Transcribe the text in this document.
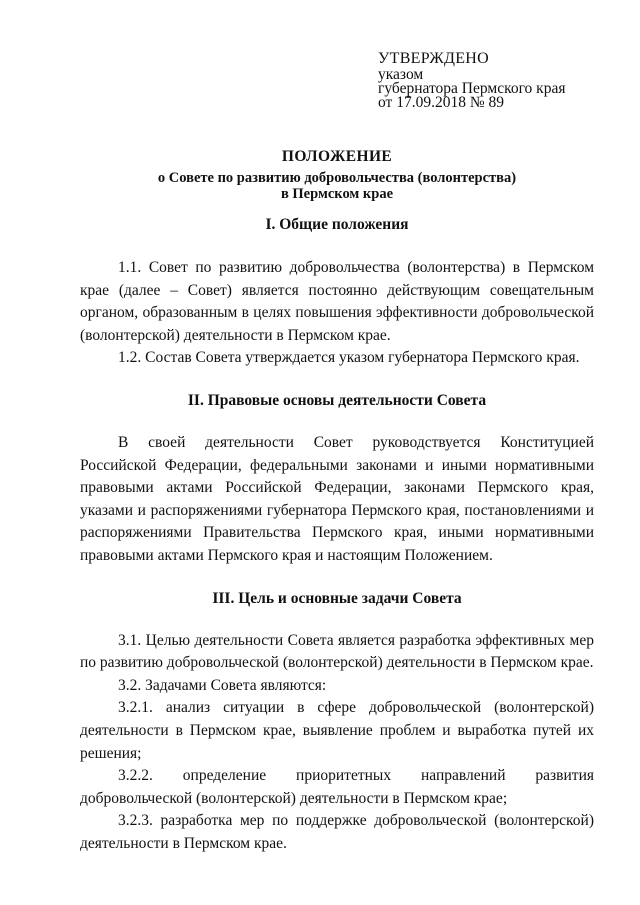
УТВЕРЖДЕНО
указом
губернатора Пермского края
от 17.09.2018 № 89
ПОЛОЖЕНИЕ
о Совете по развитию добровольчества (волонтерства)
в Пермском крае
I. Общие положения

1.1. Совет по развитию добровольчества (волонтерства) в Пермском крае (далее – Совет) является постоянно действующим совещательным органом, образованным в целях повышения эффективности добровольческой (волонтерской) деятельности в Пермском крае.

1.2. Состав Совета утверждается указом губернатора Пермского края.

II. Правовые основы деятельности Совета

В своей деятельности Совет руководствуется Конституцией Российской Федерации, федеральными законами и иными нормативными правовыми актами Российской Федерации, законами Пермского края, указами и распоряжениями губернатора Пермского края, постановлениями и распоряжениями Правительства Пермского края, иными нормативными правовыми актами Пермского края и настоящим Положением.

III. Цель и основные задачи Совета

3.1. Целью деятельности Совета является разработка эффективных мер по развитию добровольческой (волонтерской) деятельности в Пермском крае.

3.2. Задачами Совета являются:

3.2.1. анализ ситуации в сфере добровольческой (волонтерской) деятельности в Пермском крае, выявление проблем и выработка путей их решения;

3.2.2. определение приоритетных направлений развития добровольческой (волонтерской) деятельности в Пермском крае;

3.2.3. разработка мер по поддержке добровольческой (волонтерской) деятельности в Пермском крае.
